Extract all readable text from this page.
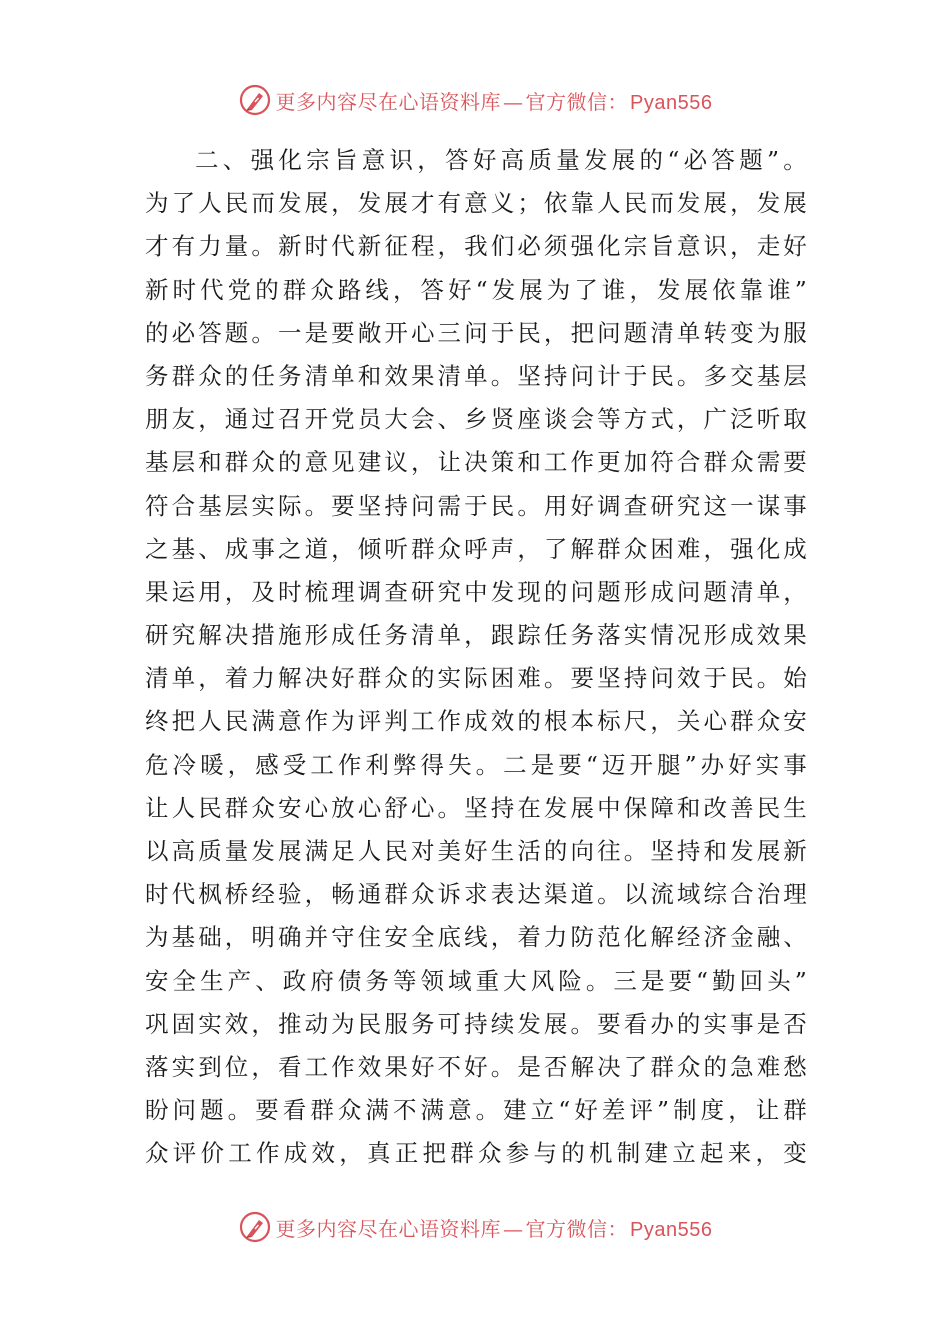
更多内容尽在心语资料库 — 官方微信： Pyan556
二、强化宗旨意识，答好高质量发展的“必答题”。
为了人民而发展，发展才有意义；依靠人民而发展，发展
才有力量。新时代新征程，我们必须强化宗旨意识，走好
新时代党的群众路线，答好“发展为了谁，发展依靠谁”
的必答题。一是要敞开心三问于民，把问题清单转变为服
务群众的任务清单和效果清单。坚持问计于民。多交基层
朋友，通过召开党员大会、乡贤座谈会等方式，广泛听取
基层和群众的意见建议，让决策和工作更加符合群众需要
符合基层实际。要坚持问需于民。用好调查研究这一谋事
之基、成事之道，倾听群众呼声，了解群众困难，强化成
果运用，及时梳理调查研究中发现的问题形成问题清单，
研究解决措施形成任务清单，跟踪任务落实情况形成效果
清单，着力解决好群众的实际困难。要坚持问效于民。始
终把人民满意作为评判工作成效的根本标尺，关心群众安
危冷暖，感受工作利弊得失。二是要“迈开腿”办好实事
让人民群众安心放心舒心。坚持在发展中保障和改善民生
以高质量发展满足人民对美好生活的向往。坚持和发展新
时代枫桥经验，畅通群众诉求表达渠道。以流域综合治理
为基础，明确并守住安全底线，着力防范化解经济金融、
安全生产、政府债务等领域重大风险。三是要“勤回头”
巩固实效，推动为民服务可持续发展。要看办的实事是否
落实到位，看工作效果好不好。是否解决了群众的急难愁
盼问题。要看群众满不满意。建立“好差评”制度，让群
众评价工作成效，真正把群众参与的机制建立起来，变
更多内容尽在心语资料库 — 官方微信： Pyan556
